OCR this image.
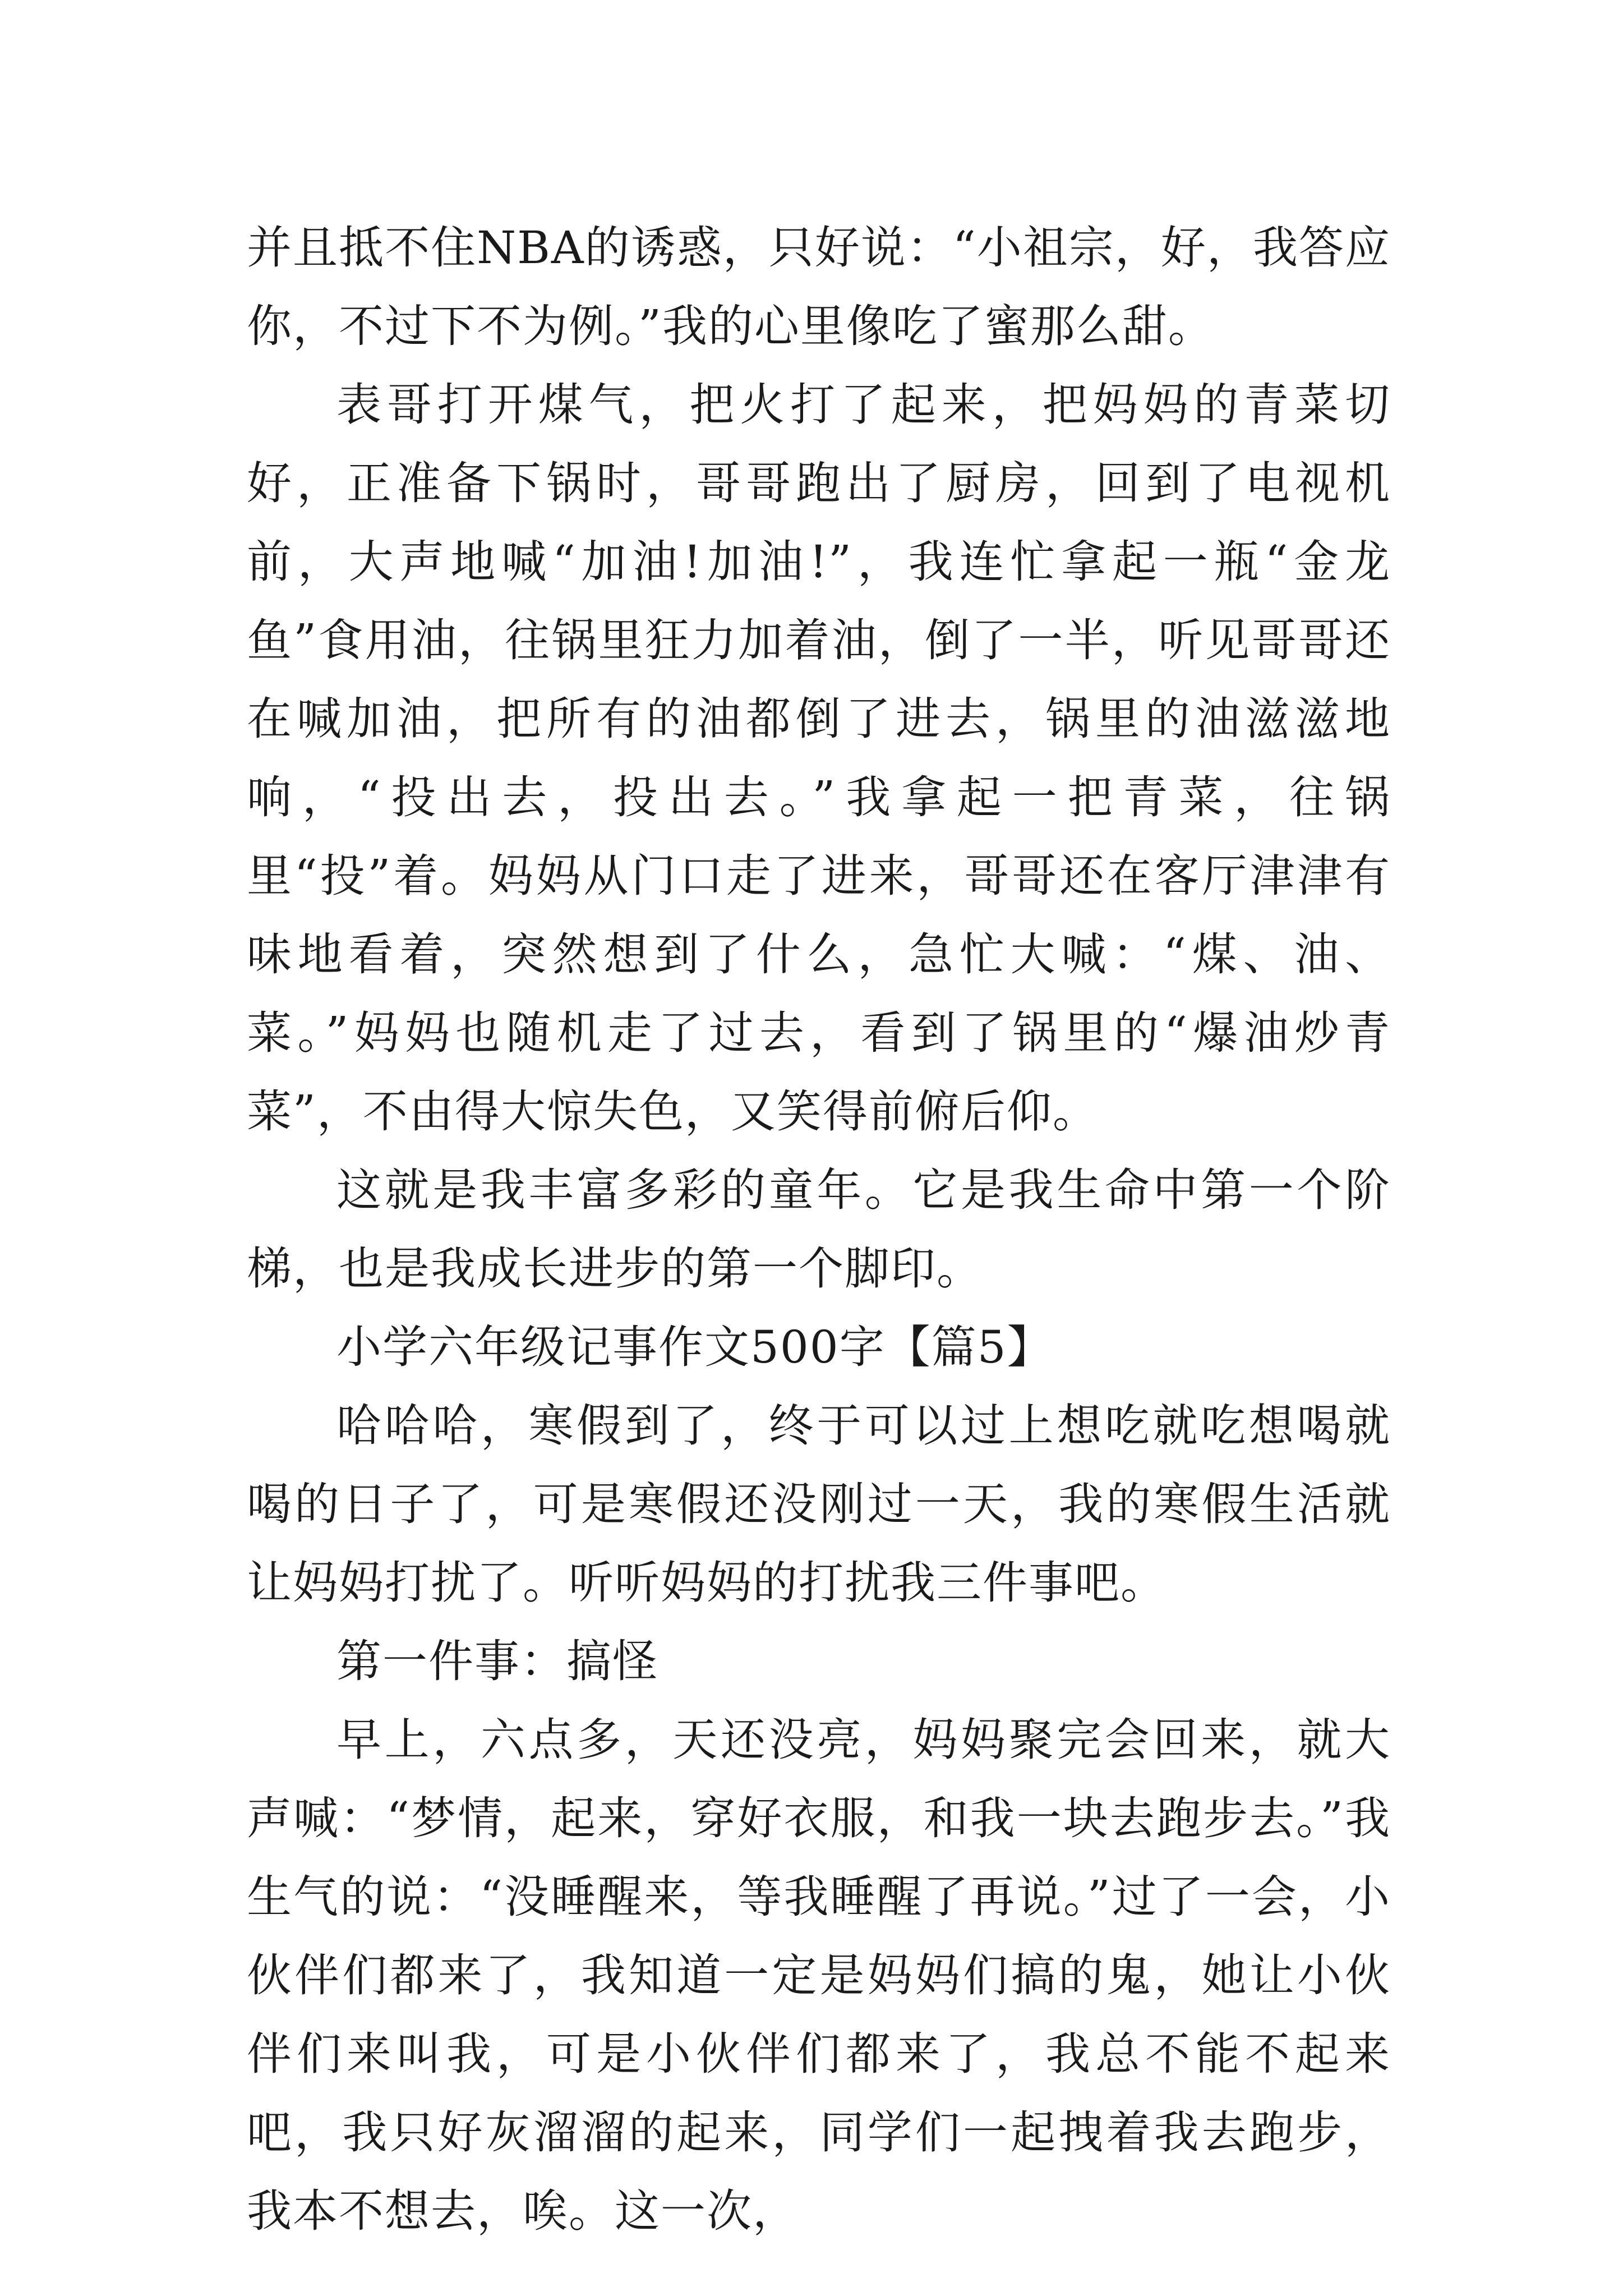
并且抵不住NBA的诱惑，只好说：“小祖宗，好，我答应你，不过下不为例。”我的心里像吃了蜜那么甜。

表哥打开煤气，把火打了起来，把妈妈的青菜切好，正准备下锅时，哥哥跑出了厨房，回到了电视机前，大声地喊“加油!加油!”，我连忙拿起一瓶“金龙鱼”食用油，往锅里狂力加着油，倒了一半，听见哥哥还在喊加油，把所有的油都倒了进去，锅里的油滋滋地响，“投出去，投出去。”我拿起一把青菜，往锅里“投”着。妈妈从门口走了进来，哥哥还在客厅津津有味地看着，突然想到了什么，急忙大喊：“煤、油、菜。”妈妈也随机走了过去，看到了锅里的“爆油炒青菜”，不由得大惊失色，又笑得前俯后仰。

这就是我丰富多彩的童年。它是我生命中第一个阶梯，也是我成长进步的第一个脚印。

小学六年级记事作文500字【篇5】

哈哈哈，寒假到了，终于可以过上想吃就吃想喝就喝的日子了，可是寒假还没刚过一天，我的寒假生活就让妈妈打扰了。听听妈妈的打扰我三件事吧。

第一件事：搞怪

早上，六点多，天还没亮，妈妈聚完会回来，就大声喊：“梦情，起来，穿好衣服，和我一块去跑步去。”我生气的说：“没睡醒来，等我睡醒了再说。”过了一会，小伙伴们都来了，我知道一定是妈妈们搞的鬼，她让小伙伴们来叫我，可是小伙伴们都来了，我总不能不起来吧，我只好灰溜溜的起来，同学们一起拽着我去跑步，我本不想去，唉。这一次，
